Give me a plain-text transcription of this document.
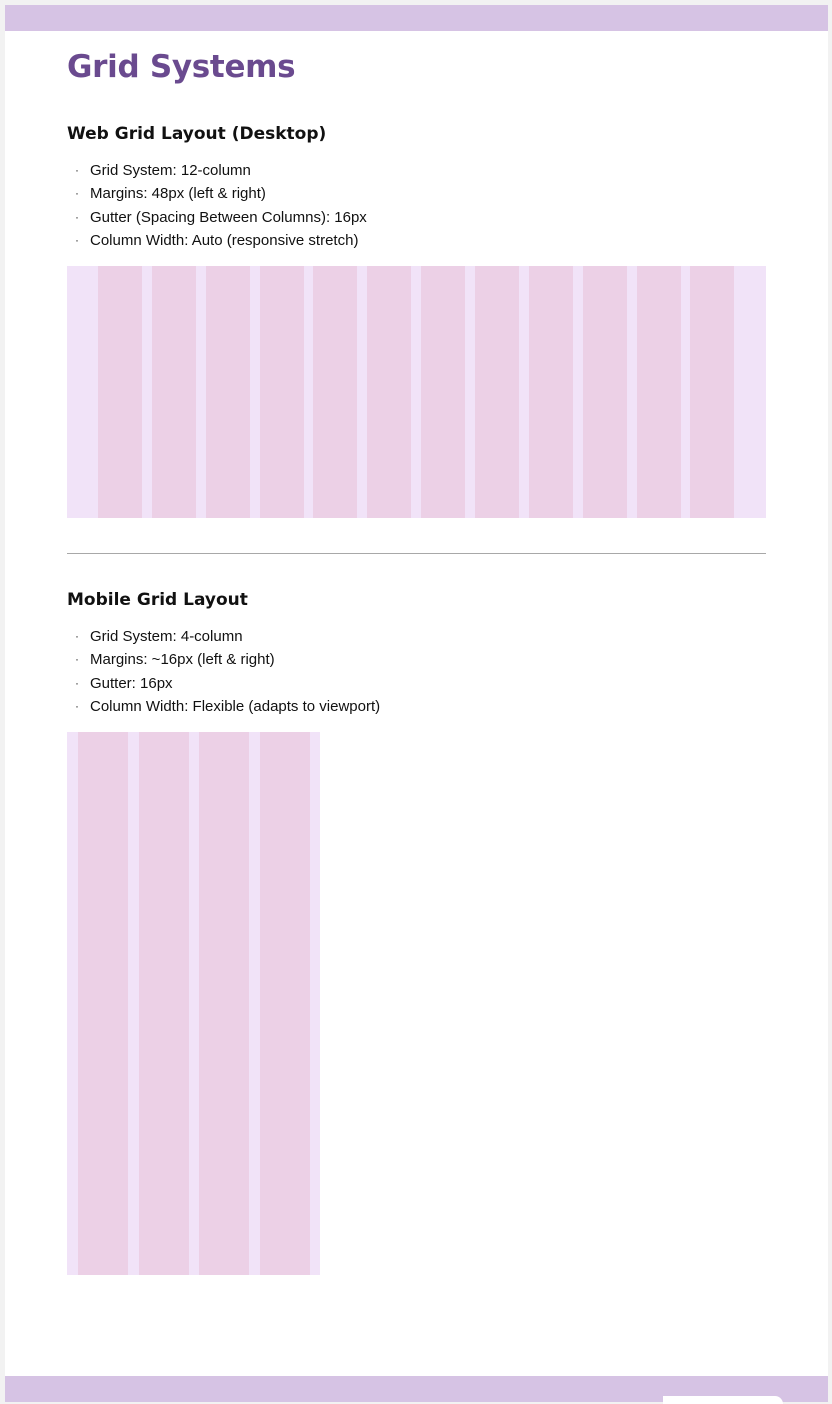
Grid Systems
Web Grid Layout (Desktop)
· Grid System: 12-column
· Margins: 48px (left & right)
· Gutter (Spacing Between Columns): 16px
· Column Width: Auto (responsive stretch)
Mobile Grid Layout
· Grid System: 4-column
· Margins: ~16px (left & right)
· Gutter: 16px
· Column Width: Flexible (adapts to viewport)
